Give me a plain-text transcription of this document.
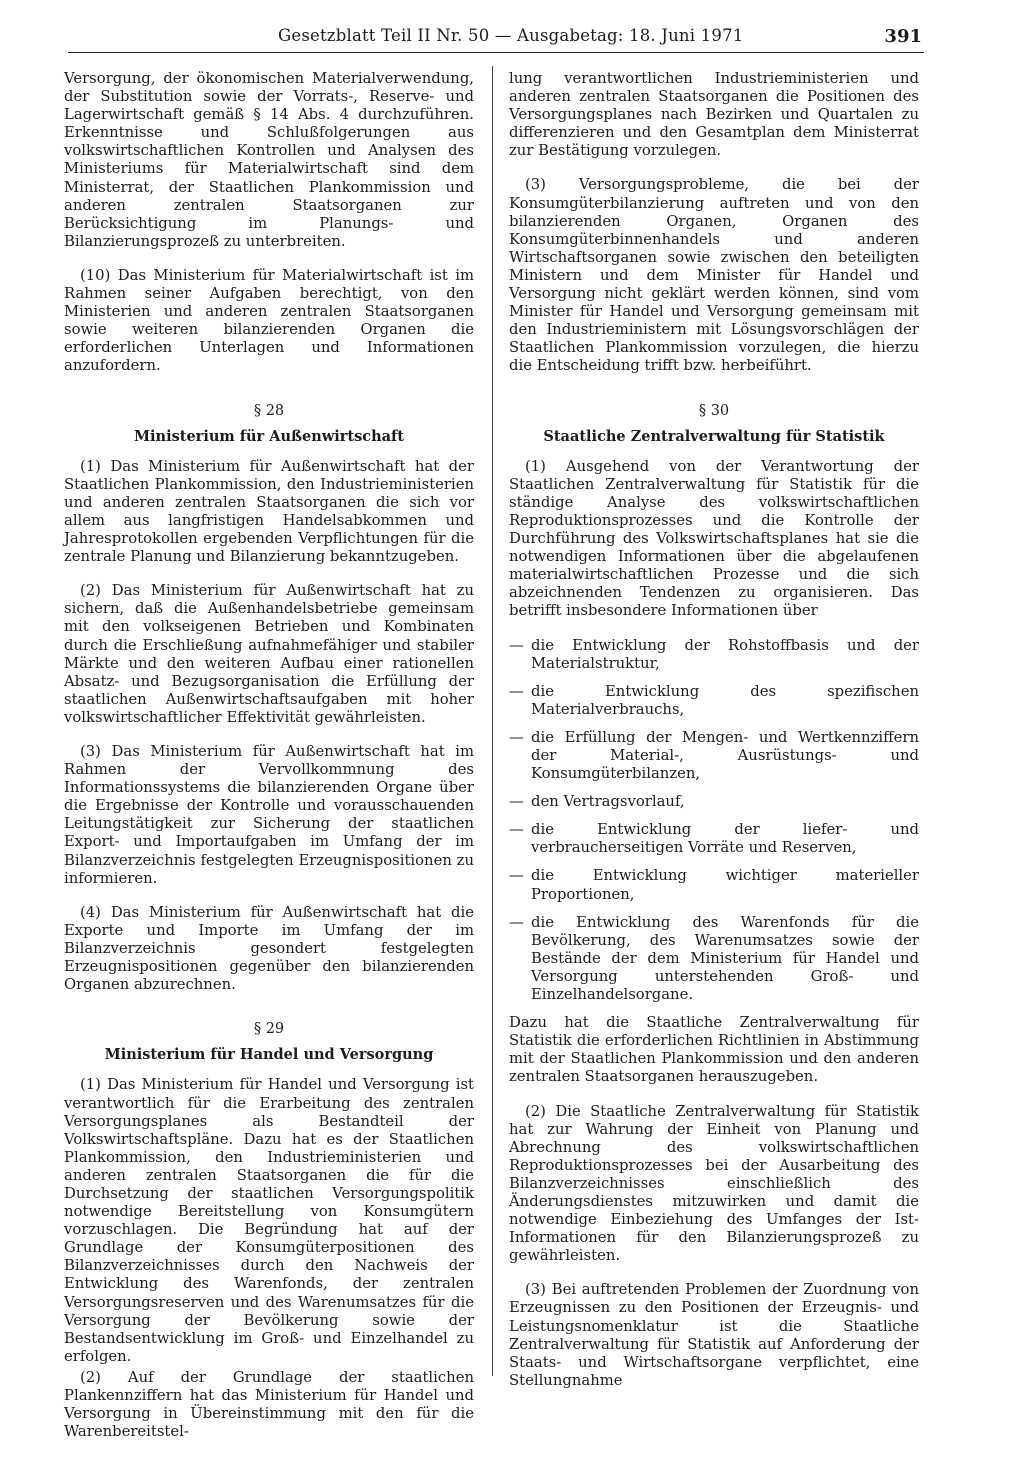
Gesetzblatt Teil II Nr. 50 — Ausgabetag: 18. Juni 1971	391

Versorgung, der ökonomischen Materialverwendung, der Substitution sowie der Vorrats-, Reserve- und Lagerwirtschaft gemäß § 14 Abs. 4 durchzuführen. Erkenntnisse und Schlußfolgerungen aus volkswirtschaftlichen Kontrollen und Analysen des Ministeriums für Materialwirtschaft sind dem Ministerrat, der Staatlichen Plankommission und anderen zentralen Staatsorganen zur Berücksichtigung im Planungs- und Bilanzierungsprozeß zu unterbreiten.

(10) Das Ministerium für Materialwirtschaft ist im Rahmen seiner Aufgaben berechtigt, von den Ministerien und anderen zentralen Staatsorganen sowie weiteren bilanzierenden Organen die erforderlichen Unterlagen und Informationen anzufordern.

§ 28
Ministerium für Außenwirtschaft

(1) Das Ministerium für Außenwirtschaft hat der Staatlichen Plankommission, den Industrieministerien und anderen zentralen Staatsorganen die sich vor allem aus langfristigen Handelsabkommen und Jahresprotokollen ergebenden Verpflichtungen für die zentrale Planung und Bilanzierung bekanntzugeben.

(2) Das Ministerium für Außenwirtschaft hat zu sichern, daß die Außenhandelsbetriebe gemeinsam mit den volkseigenen Betrieben und Kombinaten durch die Erschließung aufnahmefähiger und stabiler Märkte und den weiteren Aufbau einer rationellen Absatz- und Bezugsorganisation die Erfüllung der staatlichen Außenwirtschaftsaufgaben mit hoher volkswirtschaftlicher Effektivität gewährleisten.

(3) Das Ministerium für Außenwirtschaft hat im Rahmen der Vervollkommnung des Informationssystems die bilanzierenden Organe über die Ergebnisse der Kontrolle und vorausschauenden Leitungstätigkeit zur Sicherung der staatlichen Export- und Importaufgaben im Umfang der im Bilanzverzeichnis festgelegten Erzeugnispositionen zu informieren.

(4) Das Ministerium für Außenwirtschaft hat die Exporte und Importe im Umfang der im Bilanzverzeichnis gesondert festgelegten Erzeugnispositionen gegenüber den bilanzierenden Organen abzurechnen.

§ 29
Ministerium für Handel und Versorgung

(1) Das Ministerium für Handel und Versorgung ist verantwortlich für die Erarbeitung des zentralen Versorgungsplanes als Bestandteil der Volkswirtschaftspläne. Dazu hat es der Staatlichen Plankommission, den Industrieministerien und anderen zentralen Staatsorganen die für die Durchsetzung der staatlichen Versorgungspolitik notwendige Bereitstellung von Konsumgütern vorzuschlagen. Die Begründung hat auf der Grundlage der Konsumgüterpositionen des Bilanzverzeichnisses durch den Nachweis der Entwicklung des Warenfonds, der zentralen Versorgungsreserven und des Warenumsatzes für die Versorgung der Bevölkerung sowie der Bestandsentwicklung im Groß- und Einzelhandel zu erfolgen.

(2) Auf der Grundlage der staatlichen Plankennziffern hat das Ministerium für Handel und Versorgung in Übereinstimmung mit den für die Warenbereitstel-

lung verantwortlichen Industrieministerien und anderen zentralen Staatsorganen die Positionen des Versorgungsplanes nach Bezirken und Quartalen zu differenzieren und den Gesamtplan dem Ministerrat zur Bestätigung vorzulegen.

(3) Versorgungsprobleme, die bei der Konsumgüterbilanzierung auftreten und von den bilanzierenden Organen, Organen des Konsumgüterbinnenhandels und anderen Wirtschaftsorganen sowie zwischen den beteiligten Ministern und dem Minister für Handel und Versorgung nicht geklärt werden können, sind vom Minister für Handel und Versorgung gemeinsam mit den Industrieministern mit Lösungsvorschlägen der Staatlichen Plankommission vorzulegen, die hierzu die Entscheidung trifft bzw. herbeiführt.

§ 30
Staatliche Zentralverwaltung für Statistik

(1) Ausgehend von der Verantwortung der Staatlichen Zentralverwaltung für Statistik für die ständige Analyse des volkswirtschaftlichen Reproduktionsprozesses und die Kontrolle der Durchführung des Volkswirtschaftsplanes hat sie die notwendigen Informationen über die abgelaufenen materialwirtschaftlichen Prozesse und die sich abzeichnenden Tendenzen zu organisieren. Das betrifft insbesondere Informationen über

— die Entwicklung der Rohstoffbasis und der Materialstruktur,
— die Entwicklung des spezifischen Materialverbrauchs,
— die Erfüllung der Mengen- und Wertkennziffern der Material-, Ausrüstungs- und Konsumgüterbilanzen,
— den Vertragsvorlauf,
— die Entwicklung der liefer- und verbraucherseitigen Vorräte und Reserven,
— die Entwicklung wichtiger materieller Proportionen,
— die Entwicklung des Warenfonds für die Bevölkerung, des Warenumsatzes sowie der Bestände der dem Ministerium für Handel und Versorgung unterstehenden Groß- und Einzelhandelsorgane.

Dazu hat die Staatliche Zentralverwaltung für Statistik die erforderlichen Richtlinien in Abstimmung mit der Staatlichen Plankommission und den anderen zentralen Staatsorganen herauszugeben.

(2) Die Staatliche Zentralverwaltung für Statistik hat zur Wahrung der Einheit von Planung und Abrechnung des volkswirtschaftlichen Reproduktionsprozesses bei der Ausarbeitung des Bilanzverzeichnisses einschließlich des Änderungsdienstes mitzuwirken und damit die notwendige Einbeziehung des Umfanges der Ist-Informationen für den Bilanzierungsprozeß zu gewährleisten.

(3) Bei auftretenden Problemen der Zuordnung von Erzeugnissen zu den Positionen der Erzeugnis- und Leistungsnomenklatur ist die Staatliche Zentralverwaltung für Statistik auf Anforderung der Staats- und Wirtschaftsorgane verpflichtet, eine Stellungnahme
